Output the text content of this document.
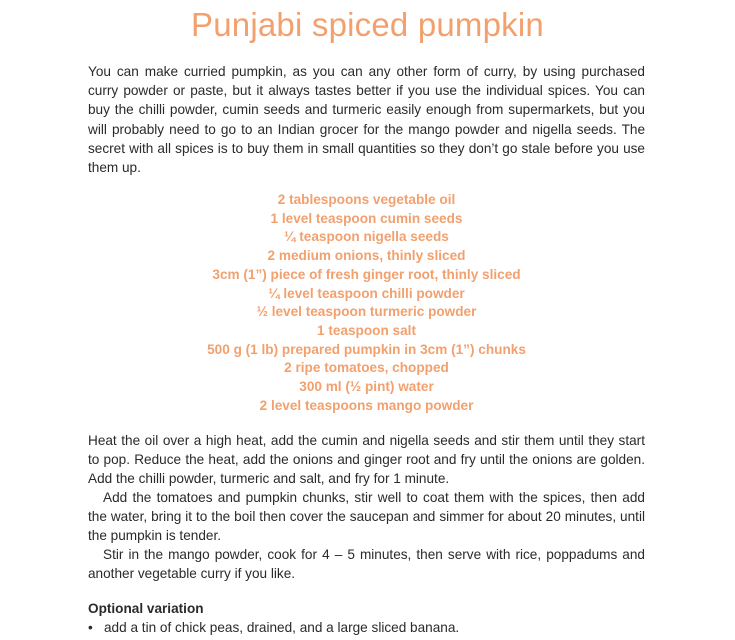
Punjabi spiced pumpkin

You can make curried pumpkin, as you can any other form of curry, by using purchased curry powder or paste, but it always tastes better if you use the individual spices. You can buy the chilli powder, cumin seeds and turmeric easily enough from supermarkets, but you will probably need to go to an Indian grocer for the mango powder and nigella seeds. The secret with all spices is to buy them in small quantities so they don’t go stale before you use them up.

2 tablespoons vegetable oil
1 level teaspoon cumin seeds
¼ teaspoon nigella seeds
2 medium onions, thinly sliced
3cm (1”) piece of fresh ginger root, thinly sliced
¼ level teaspoon chilli powder
½ level teaspoon turmeric powder
1 teaspoon salt
500 g (1 lb) prepared pumpkin in 3cm (1”) chunks
2 ripe tomatoes, chopped
300 ml (½ pint) water
2 level teaspoons mango powder

Heat the oil over a high heat, add the cumin and nigella seeds and stir them until they start to pop. Reduce the heat, add the onions and ginger root and fry until the onions are golden. Add the chilli powder, turmeric and salt, and fry for 1 minute.

Add the tomatoes and pumpkin chunks, stir well to coat them with the spices, then add the water, bring it to the boil then cover the saucepan and simmer for about 20 minutes, until the pumpkin is tender.

Stir in the mango powder, cook for 4 – 5 minutes, then serve with rice, poppadums and another vegetable curry if you like.

Optional variation
• add a tin of chick peas, drained, and a large sliced banana.
